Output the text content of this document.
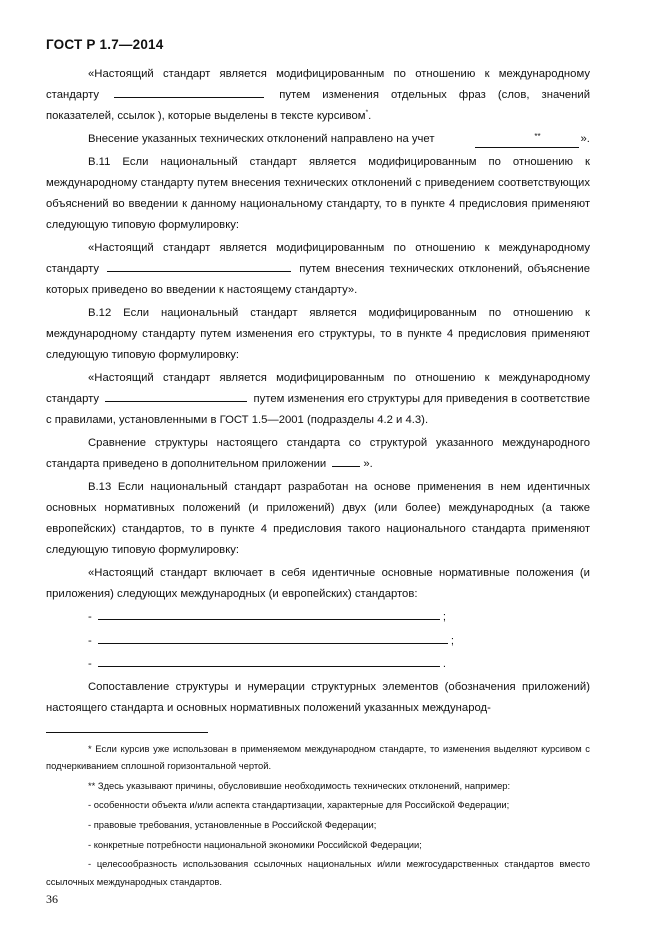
ГОСТ Р 1.7—2014

«Настоящий стандарт является модифицированным по отношению к международному стандарту	путем изменения отдельных фраз (слов, значений показателей, ссылок ), которые выделены в тексте курсивом*.

Внесение указанных технических отклонений направлено на учет	**	».

В.11 Если национальный стандарт является модифицированным по отношению к международному стандарту путем внесения технических отклонений с приведением соответствующих объяснений во введении к данному национальному стандарту, то в пункте 4 предисловия применяют следующую типовую формулировку:

«Настоящий стандарт является модифицированным по отношению к международному стандарту	путем внесения технических отклонений, объяснение которых приведено во введении к настоящему стандарту».

В.12 Если национальный стандарт является модифицированным по отношению к международному стандарту путем изменения его структуры, то в пункте 4 предисловия применяют следующую типовую формулировку:

«Настоящий стандарт является модифицированным по отношению к международному стандарту	путем изменения его структуры для приведения в соответствие с правилами, установленными в ГОСТ 1.5—2001 (подразделы 4.2 и 4.3).

Сравнение структуры настоящего стандарта со структурой указанного международного стандарта приведено в дополнительном приложении	».

В.13 Если национальный стандарт разработан на основе применения в нем идентичных основных нормативных положений (и приложений) двух (или более) международных (а также европейских) стандартов, то в пункте 4 предисловия такого национального стандарта применяют следующую типовую формулировку:

«Настоящий стандарт включает в себя идентичные основные нормативные положения (и приложения) следующих международных (и европейских) стандартов:

-	;

-	;

-	.

Сопоставление структуры и нумерации структурных элементов (обозначения приложений) настоящего стандарта и основных нормативных положений указанных международ-

* Если курсив уже использован в применяемом международном стандарте, то изменения выделяют курсивом с подчеркиванием сплошной горизонтальной чертой.

** Здесь указывают причины, обусловившие необходимость технических отклонений, например:

- особенности объекта и/или аспекта стандартизации, характерные для Российской Федерации;

- правовые требования, установленные в Российской Федерации;

- конкретные потребности национальной экономики Российской Федерации;

- целесообразность использования ссылочных национальных и/или межгосударственных стандартов вместо ссылочных международных стандартов.

36
